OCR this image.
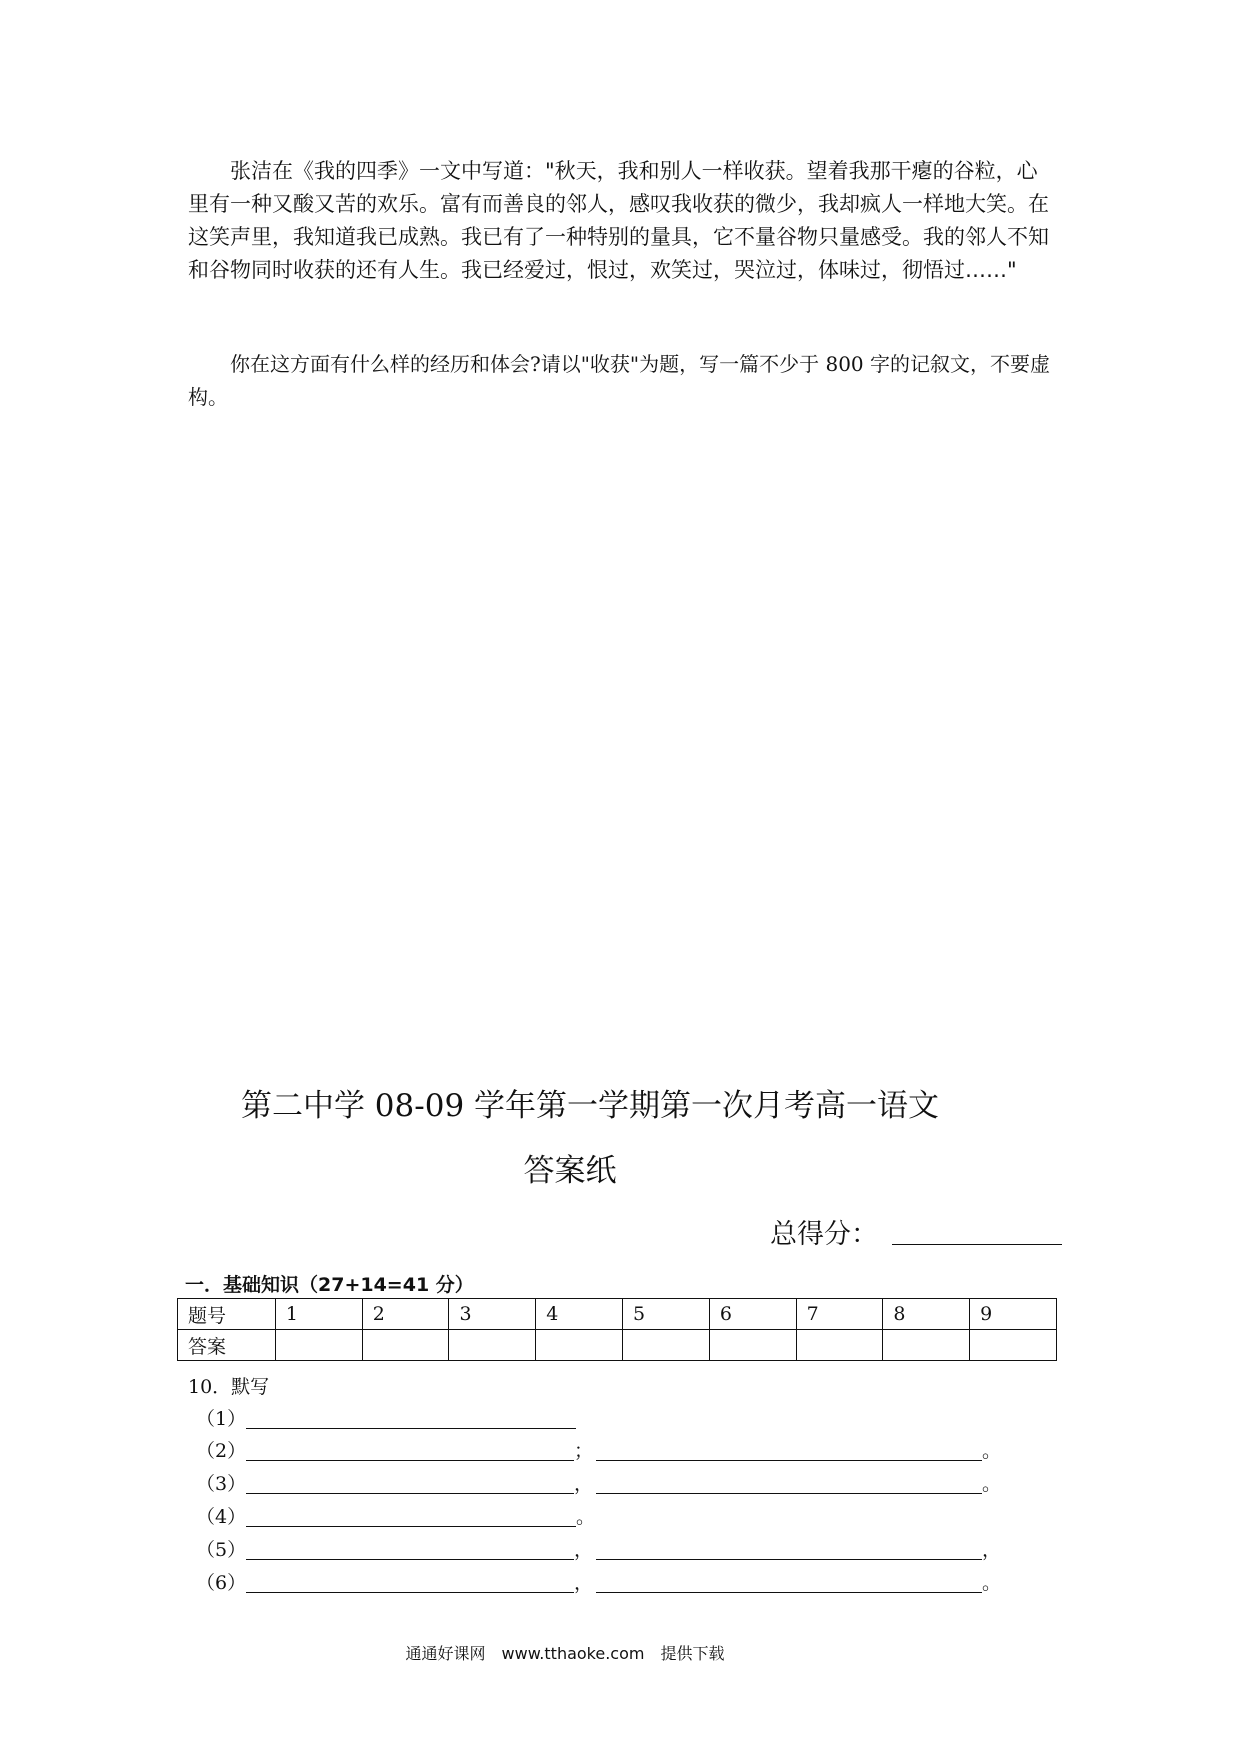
张洁在《我的四季》一文中写道："秋天，我和别人一样收获。望着我那干瘪的谷粒，心里有一种又酸又苦的欢乐。富有而善良的邻人，感叹我收获的微少，我却疯人一样地大笑。在这笑声里，我知道我已成熟。我已有了一种特别的量具，它不量谷物只量感受。我的邻人不知和谷物同时收获的还有人生。我已经爱过，恨过，欢笑过，哭泣过，体味过，彻悟过……"
你在这方面有什么样的经历和体会?请以"收获"为题，写一篇不少于 800 字的记叙文，不要虚构。
第二中学 08-09 学年第一学期第一次月考高一语文
答案纸
总得分：
一．基础知识（27+14=41 分）
题号	1	2	3	4	5	6	7	8	9
答案									
10．默写
（1）
（2）	；	。
（3）	，	。
（4）	。
（5）	，	，
（6）	，	。
通通好课网　www.tthaoke.com　提供下载
